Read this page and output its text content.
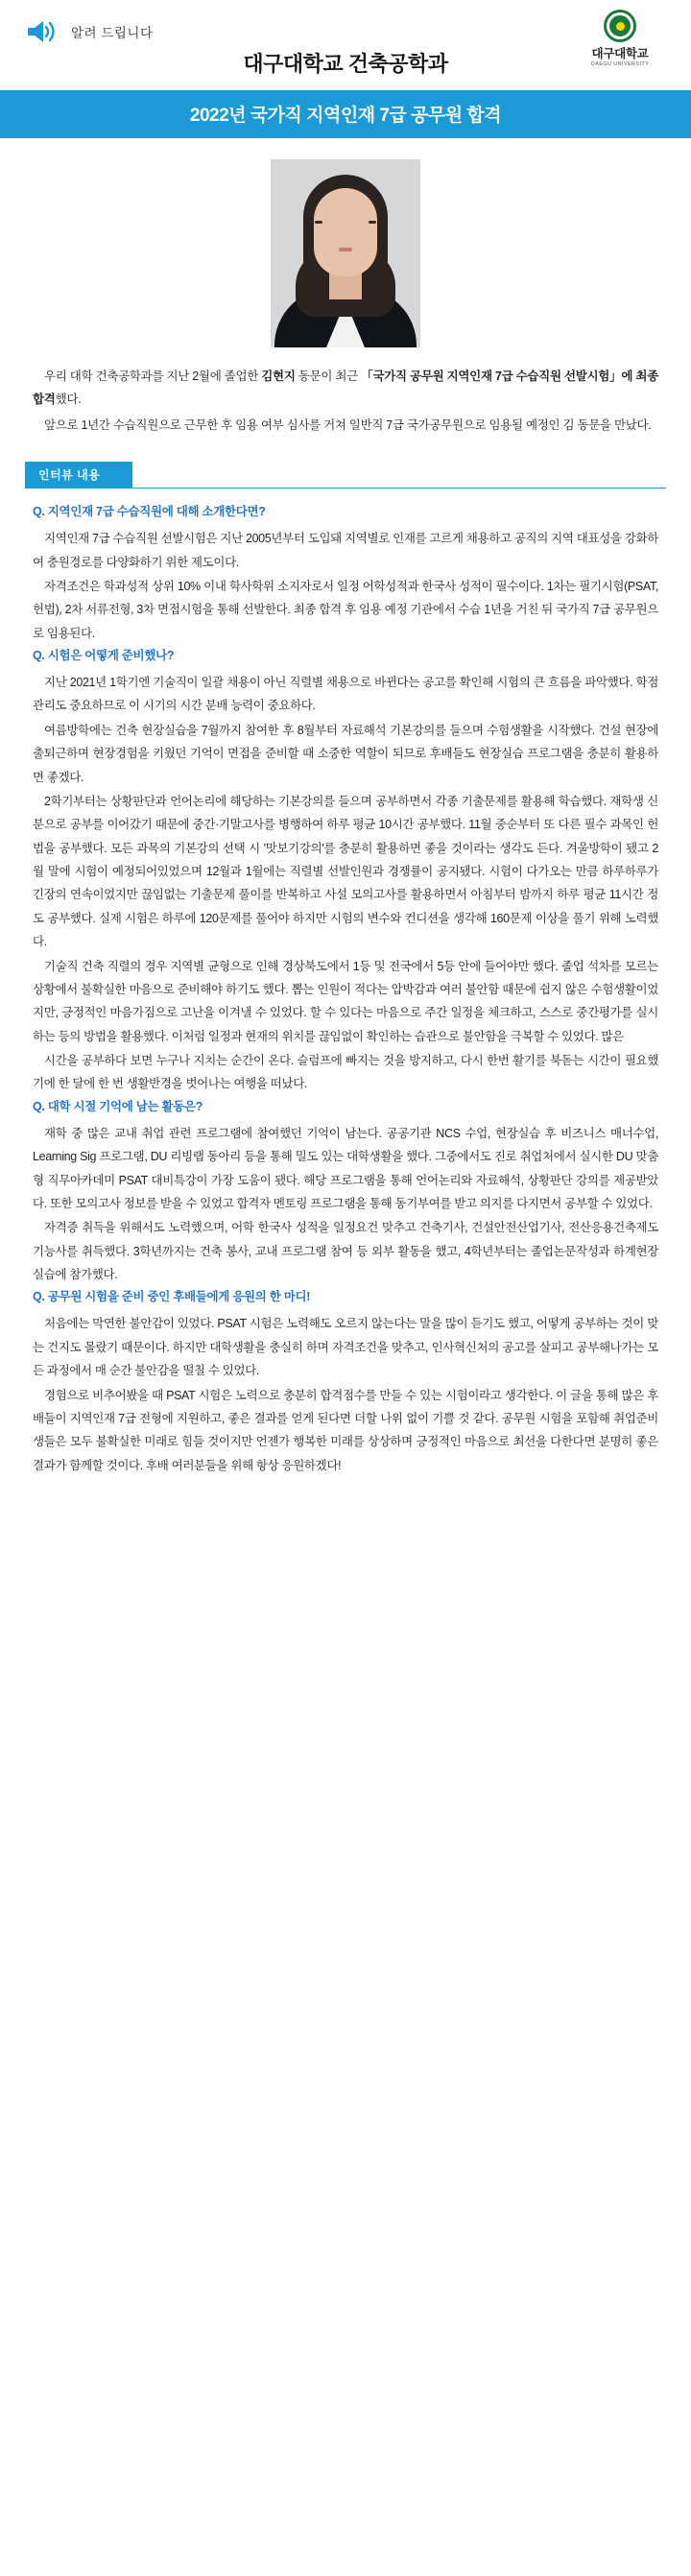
알려 드립니다
대구대학교
DAEGU UNIVERSITY
대구대학교 건축공학과
2022년 국가직 지역인재 7급 공무원 합격

우리 대학 건축공학과를 지난 2월에 졸업한 김현지 동문이 최근 「국가직 공무원 지역인재 7급 수습직원 선발시험」에 최종 합격했다.

앞으로 1년간 수습직원으로 근무한 후 임용 여부 심사를 거쳐 일반직 7급 국가공무원으로 임용될 예정인 김 동문을 만났다.

인터뷰 내용
Q. 지역인재 7급 수습직원에 대해 소개한다면?

지역인재 7급 수습직원 선발시험은 지난 2005년부터 도입돼 지역별로 인재를 고르게 채용하고 공직의 지역 대표성을 강화하여 충원경로를 다양화하기 위한 제도이다.

자격조건은 학과성적 상위 10% 이내 학사학위 소지자로서 일정 어학성적과 한국사 성적이 필수이다. 1차는 필기시험(PSAT, 헌법), 2차 서류전형, 3차 면접시험을 통해 선발한다. 최종 합격 후 임용 예정 기관에서 수습 1년을 거친 뒤 국가직 7급 공무원으로 임용된다.

Q. 시험은 어떻게 준비했나?

지난 2021년 1학기엔 기술직이 일괄 채용이 아닌 직렬별 채용으로 바뀐다는 공고를 확인해 시험의 큰 흐름을 파악했다. 학점관리도 중요하므로 이 시기의 시간 분배 능력이 중요하다.

여름방학에는 건축 현장실습을 7월까지 참여한 후 8월부터 자료해석 기본강의를 들으며 수험생활을 시작했다. 건설 현장에 출퇴근하며 현장경험을 키웠던 기억이 면접을 준비할 때 소중한 역할이 되므로 후배들도 현장실습 프로그램을 충분히 활용하면 좋겠다.

2학기부터는 상황판단과 언어논리에 해당하는 기본강의를 들으며 공부하면서 각종 기출문제를 활용해 학습했다. 재학생 신분으로 공부를 이어갔기 때문에 중간·기말고사를 병행하여 하루 평균 10시간 공부했다. 11월 중순부터 또 다른 필수 과목인 헌법을 공부했다. 모든 과목의 기본강의 선택 시 '맛보기강의'를 충분히 활용하면 좋을 것이라는 생각도 든다. 겨울방학이 됐고 2월 말에 시험이 예정되어있었으며 12월과 1월에는 직렬별 선발인원과 경쟁률이 공지됐다. 시험이 다가오는 만큼 하루하루가 긴장의 연속이었지만 끊임없는 기출문제 풀이를 반복하고 사설 모의고사를 활용하면서 아침부터 밤까지 하루 평균 11시간 정도 공부했다. 실제 시험은 하루에 120문제를 풀어야 하지만 시험의 변수와 컨디션을 생각해 160문제 이상을 풀기 위해 노력했다.

기술직 건축 직렬의 경우 지역별 균형으로 인해 경상북도에서 1등 및 전국에서 5등 안에 들어야만 했다. 졸업 석차를 모르는 상황에서 불확실한 마음으로 준비해야 하기도 했다. 뽑는 인원이 적다는 압박감과 여러 불안함 때문에 쉽지 않은 수험생활이었지만, 긍정적인 마음가짐으로 고난을 이겨낼 수 있었다. 할 수 있다는 마음으로 주간 일정을 체크하고, 스스로 중간평가를 실시하는 등의 방법을 활용했다. 이처럼 일정과 현재의 위치를 끊임없이 확인하는 습관으로 불안함을 극복할 수 있었다. 많은

시간을 공부하다 보면 누구나 지치는 순간이 온다. 슬럼프에 빠지는 것을 방지하고, 다시 한번 활기를 북돋는 시간이 필요했기에 한 달에 한 번 생활반경을 벗어나는 여행을 떠났다.

Q. 대학 시절 기억에 남는 활동은?

재학 중 많은 교내 취업 관련 프로그램에 참여했던 기억이 남는다. 공공기관 NCS 수업, 현장실습 후 비즈니스 매너수업, Learning Sig 프로그램, DU 리빙랩 동아리 등을 통해 밀도 있는 대학생활을 했다. 그중에서도 진로 취업처에서 실시한 DU 맞춤형 직무아카데미 PSAT 대비특강이 가장 도움이 됐다. 해당 프로그램을 통해 언어논리와 자료해석, 상황판단 강의를 제공받았다. 또한 모의고사 정보를 받을 수 있었고 합격자 멘토링 프로그램을 통해 동기부여를 받고 의지를 다지면서 공부할 수 있었다.

자격증 취득을 위해서도 노력했으며, 어학 한국사 성적을 일정요건 맞추고 건축기사, 건설안전산업기사, 전산응용건축제도기능사를 취득했다. 3학년까지는 건축 봉사, 교내 프로그램 참여 등 외부 활동을 했고, 4학년부터는 졸업논문작성과 하계현장실습에 참가했다.

Q. 공무원 시험을 준비 중인 후배들에게 응원의 한 마디!

처음에는 막연한 불안감이 있었다. PSAT 시험은 노력해도 오르지 않는다는 말을 많이 듣기도 했고, 어떻게 공부하는 것이 맞는 건지도 몰랐기 때문이다. 하지만 대학생활을 충실히 하며 자격조건을 맞추고, 인사혁신처의 공고를 살피고 공부해나가는 모든 과정에서 매 순간 불안감을 떨칠 수 있었다.

경험으로 비추어봤을 때 PSAT 시험은 노력으로 충분히 합격점수를 만들 수 있는 시험이라고 생각한다. 이 글을 통해 많은 후배들이 지역인재 7급 전형에 지원하고, 좋은 결과를 얻게 된다면 더할 나위 없이 기쁠 것 같다. 공무원 시험을 포함해 취업준비생들은 모두 불확실한 미래로 힘들 것이지만 언젠가 행복한 미래를 상상하며 긍정적인 마음으로 최선을 다한다면 분명히 좋은 결과가 함께할 것이다. 후배 여러분들을 위해 항상 응원하겠다!
